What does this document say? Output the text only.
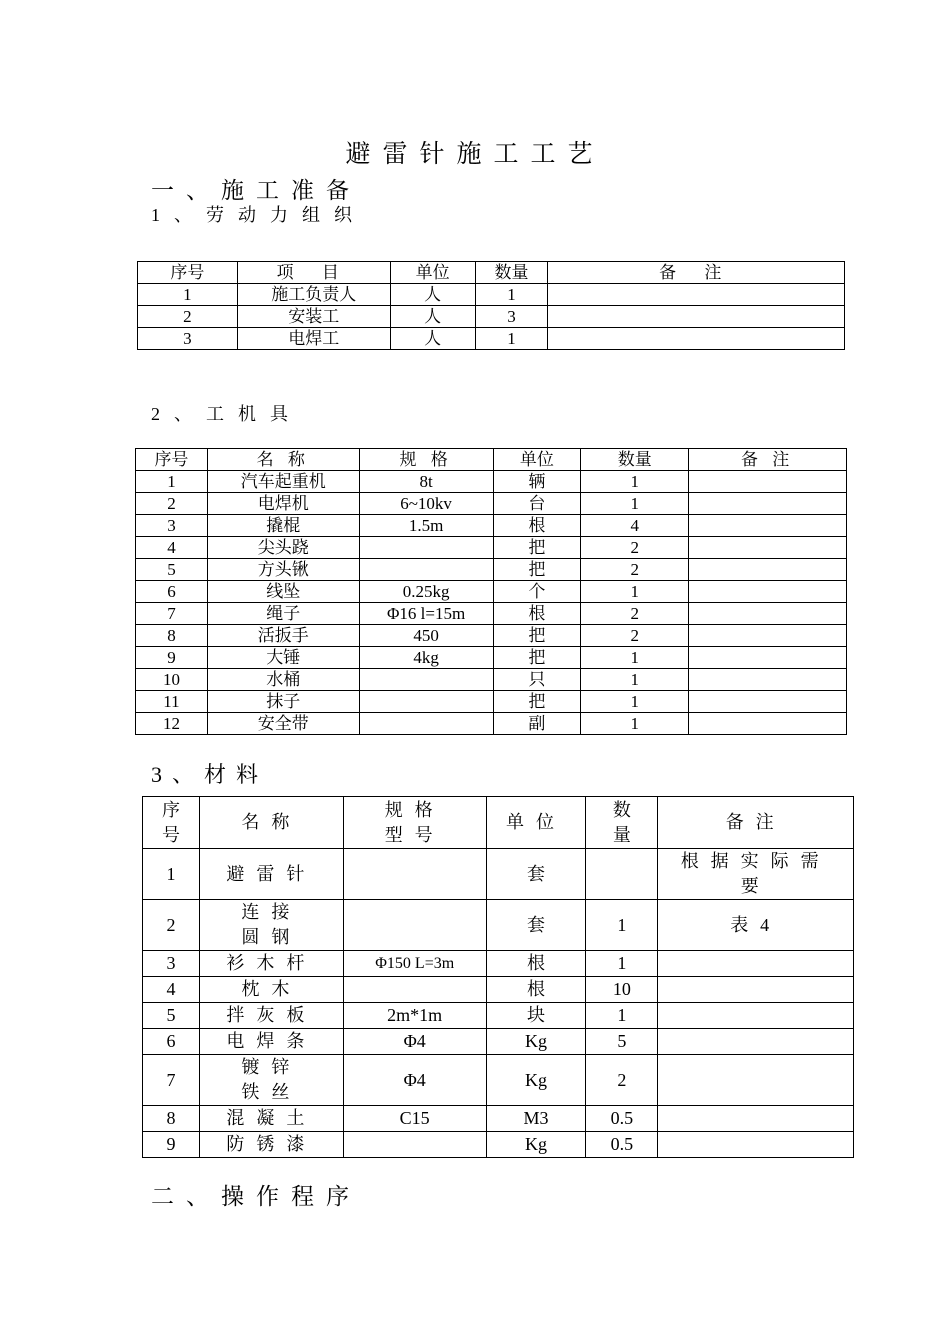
避雷针施工工艺
一、施工准备
1、劳动力组织
序号	项 目	单位	数量	备 注
1	施工负责人	人	1	
2	安装工	人	3	
3	电焊工	人	1	
2、工机具
序号	名 称	规 格	单位	数量	备 注
1	汽车起重机	8t	辆	1	
2	电焊机	6~10kv	台	1	
3	撬棍	1.5m	根	4	
4	尖头跷		把	2	
5	方头锹		把	2	
6	线坠	0.25kg	个	1	
7	绳子	Φ16 l=15m	根	2	
8	活扳手	450	把	2	
9	大锤	4kg	把	1	
10	水桶		只	1	
11	抹子		把	1	
12	安全带		副	1	
3、材料
序号	名称	规格型号	单位	数量	备注
1	避雷针		套		根据实际需要
2	连接圆钢		套	1	表4
3	衫木杆	Φ150 L=3m	根	1	
4	枕木		根	10	
5	拌灰板	2m*1m	块	1	
6	电焊条	Φ4	Kg	5	
7	镀锌铁丝	Φ4	Kg	2	
8	混凝土	C15	M3	0.5	
9	防锈漆		Kg	0.5	
二、操作程序
